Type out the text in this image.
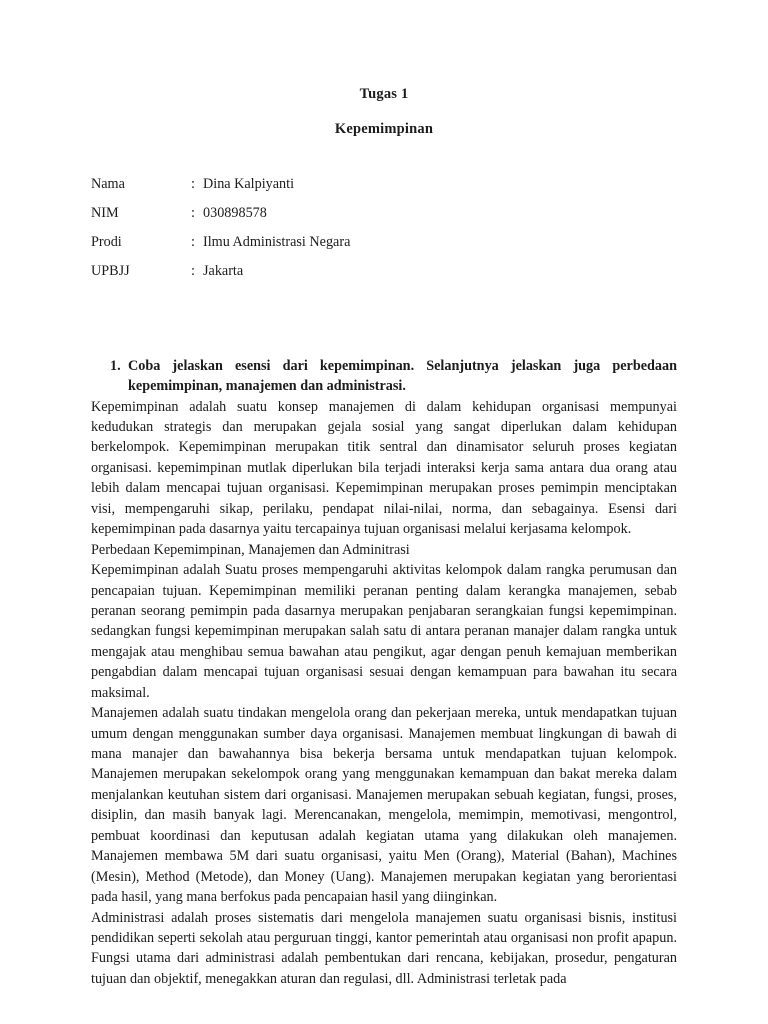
Tugas 1
Kepemimpinan
Nama	:	Dina Kalpiyanti
NIM	:	030898578
Prodi	:	Ilmu Administrasi Negara
UPBJJ	:	Jakarta
1. Coba jelaskan esensi dari kepemimpinan. Selanjutnya jelaskan juga perbedaan kepemimpinan, manajemen dan administrasi.

Kepemimpinan adalah suatu konsep manajemen di dalam kehidupan organisasi mempunyai kedudukan strategis dan merupakan gejala sosial yang sangat diperlukan dalam kehidupan berkelompok. Kepemimpinan merupakan titik sentral dan dinamisator seluruh proses kegiatan organisasi. kepemimpinan mutlak diperlukan bila terjadi interaksi kerja sama antara dua orang atau lebih dalam mencapai tujuan organisasi. Kepemimpinan merupakan proses pemimpin menciptakan visi, mempengaruhi sikap, perilaku, pendapat nilai-nilai, norma, dan sebagainya. Esensi dari kepemimpinan pada dasarnya yaitu tercapainya tujuan organisasi melalui kerjasama kelompok.

Perbedaan Kepemimpinan, Manajemen dan Adminitrasi

Kepemimpinan adalah Suatu proses mempengaruhi aktivitas kelompok dalam rangka perumusan dan pencapaian tujuan. Kepemimpinan memiliki peranan penting dalam kerangka manajemen, sebab peranan seorang pemimpin pada dasarnya merupakan penjabaran serangkaian fungsi kepemimpinan. sedangkan fungsi kepemimpinan merupakan salah satu di antara peranan manajer dalam rangka untuk mengajak atau menghibau semua bawahan atau pengikut, agar dengan penuh kemajuan memberikan pengabdian dalam mencapai tujuan organisasi sesuai dengan kemampuan para bawahan itu secara maksimal.

Manajemen adalah suatu tindakan mengelola orang dan pekerjaan mereka, untuk mendapatkan tujuan umum dengan menggunakan sumber daya organisasi. Manajemen membuat lingkungan di bawah di mana manajer dan bawahannya bisa bekerja bersama untuk mendapatkan tujuan kelompok. Manajemen merupakan sekelompok orang yang menggunakan kemampuan dan bakat mereka dalam menjalankan keutuhan sistem dari organisasi. Manajemen merupakan sebuah kegiatan, fungsi, proses, disiplin, dan masih banyak lagi. Merencanakan, mengelola, memimpin, memotivasi, mengontrol, pembuat koordinasi dan keputusan adalah kegiatan utama yang dilakukan oleh manajemen. Manajemen membawa 5M dari suatu organisasi, yaitu Men (Orang), Material (Bahan), Machines (Mesin), Method (Metode), dan Money (Uang). Manajemen merupakan kegiatan yang berorientasi pada hasil, yang mana berfokus pada pencapaian hasil yang diinginkan.

Administrasi adalah proses sistematis dari mengelola manajemen suatu organisasi bisnis, institusi pendidikan seperti sekolah atau perguruan tinggi, kantor pemerintah atau organisasi non profit apapun. Fungsi utama dari administrasi adalah pembentukan dari rencana, kebijakan, prosedur, pengaturan tujuan dan objektif, menegakkan aturan dan regulasi, dll. Administrasi terletak pada
